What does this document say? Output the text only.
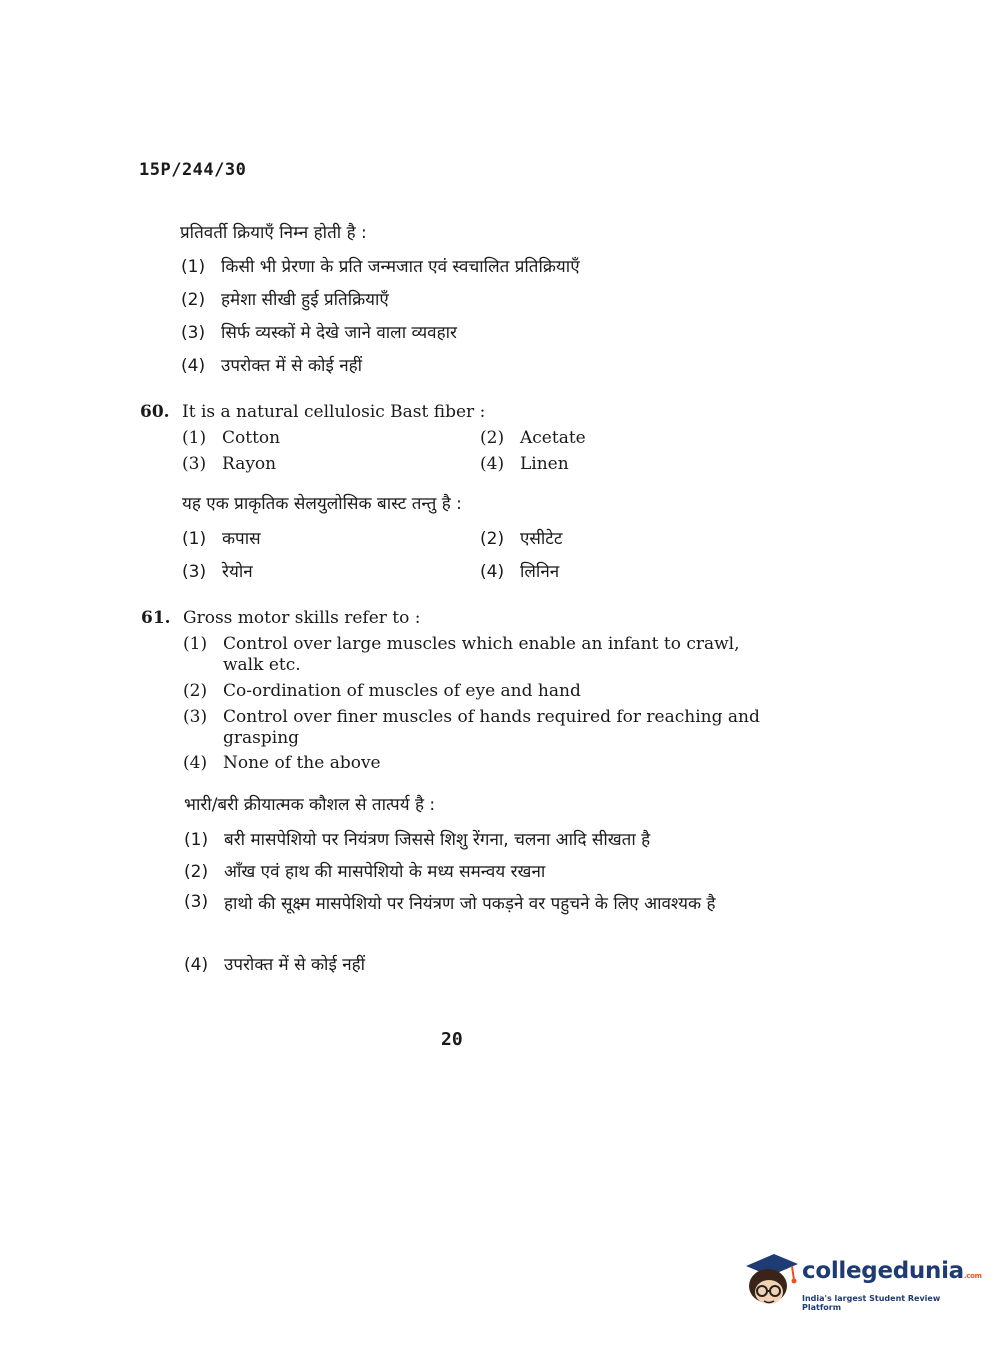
15P/244/30
प्रतिवर्ती क्रियाएँ निम्न होती है :
(1) किसी भी प्रेरणा के प्रति जन्मजात एवं स्वचालित प्रतिक्रियाएँ
(2) हमेशा सीखी हुई प्रतिक्रियाएँ
(3) सिर्फ व्यस्कों मे देखे जाने वाला व्यवहार
(4) उपरोक्त में से कोई नहीं
60. It is a natural cellulosic Bast fiber :
(1) Cotton	(2) Acetate
(3) Rayon	(4) Linen
यह एक प्राकृतिक सेलयुलोसिक बास्ट तन्तु है :
(1) कपास	(2) एसीटेट
(3) रेयोन	(4) लिनिन
61. Gross motor skills refer to :
(1) Control over large muscles which enable an infant to crawl, walk etc.
(2) Co-ordination of muscles of eye and hand
(3) Control over finer muscles of hands required for reaching and grasping
(4) None of the above
भारी/बरी क्रीयात्मक कौशल से तात्पर्य है :
(1) बरी मासपेशियो पर नियंत्रण जिससे शिशु रेंगना, चलना आदि सीखता है
(2) आँख एवं हाथ की मासपेशियो के मध्य समन्वय रखना
(3) हाथो की सूक्ष्म मासपेशियो पर नियंत्रण जो पकड़ने वर पहुचने के लिए आवश्यक है
(4) उपरोक्त में से कोई नहीं
20
collegedunia.com
India's largest Student Review Platform
